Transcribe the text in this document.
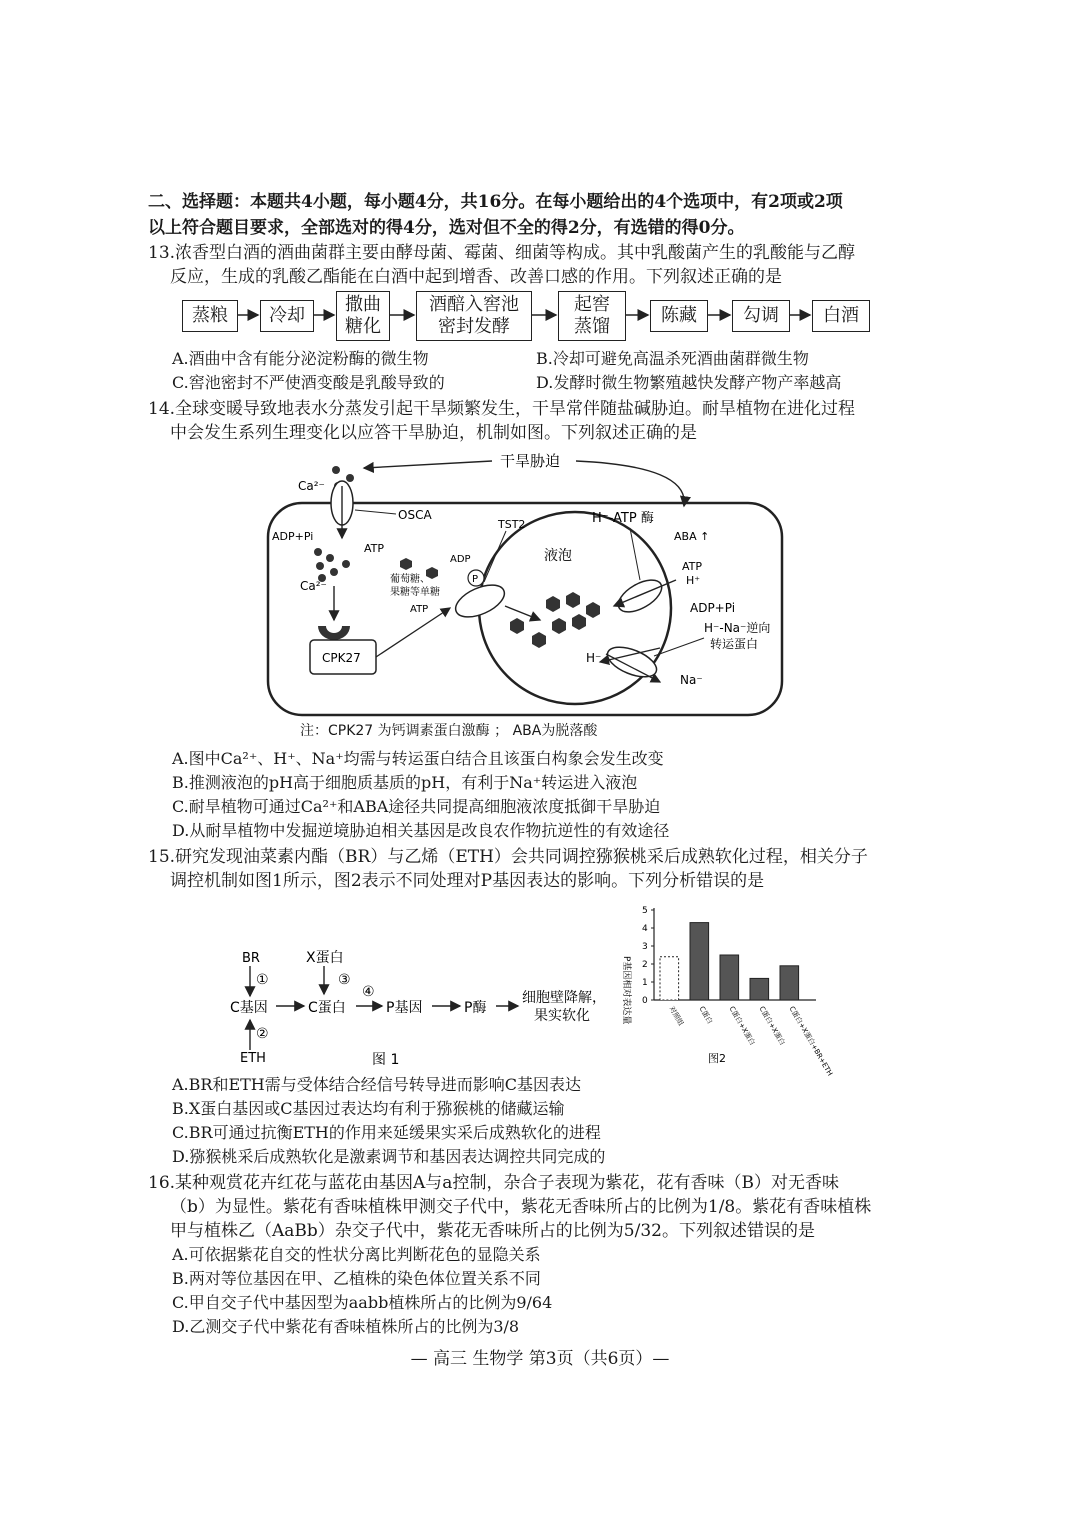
二、选择题：本题共4小题，每小题4分，共16分。在每小题给出的4个选项中，有2项或2项
以上符合题目要求，全部选对的得4分，选对但不全的得2分，有选错的得0分。
13.浓香型白酒的酒曲菌群主要由酵母菌、霉菌、细菌等构成。其中乳酸菌产生的乳酸能与乙醇
反应，生成的乳酸乙酯能在白酒中起到增香、改善口感的作用。下列叙述正确的是
蒸粮	冷却
撒曲
糖化
酒醅入窖池
密封发酵
起窖
蒸馏
陈藏	勾调	白酒
A.酒曲中含有能分泌淀粉酶的微生物	B.冷却可避免高温杀死酒曲菌群微生物
C.窖池密封不严使酒变酸是乳酸导致的	D.发酵时微生物繁殖越快发酵产物产率越高
14.全球变暖导致地表水分蒸发引起干旱频繁发生，干旱常伴随盐碱胁迫。耐旱植物在进化过程
中会发生系列生理变化以应答干旱胁迫，机制如图。下列叙述正确的是
干旱胁迫
Ca²⁻
OSCA
ADP+Pi
ATP
Ca²⁻
CPK27
葡萄糖、
果糖等单糖
TST2
P
ADP
ATP
液泡
H⁻-ATP 酶
ABA ↑
ATP
H⁺
ADP+Pi
H⁻
Na⁻
H⁻-Na⁻逆向
转运蛋白
注：CPK27 为钙调素蛋白激酶 ； ABA为脱落酸
A.图中Ca²⁺、H⁺、Na⁺均需与转运蛋白结合且该蛋白构象会发生改变
B.推测液泡的pH高于细胞质基质的pH，有利于Na⁺转运进入液泡
C.耐旱植物可通过Ca²⁺和ABA途径共同提高细胞液浓度抵御干旱胁迫
D.从耐旱植物中发掘逆境胁迫相关基因是改良农作物抗逆性的有效途径
15.研究发现油菜素内酯（BR）与乙烯（ETH）会共同调控猕猴桃采后成熟软化过程，相关分子
调控机制如图1所示，图2表示不同处理对P基因表达的影响。下列分析错误的是
BR
①
C基因
②
ETH
C蛋白
X蛋白
③
④
P基因	P酶
细胞壁降解，
果实软化
图 1
P基因相对表达量 0
1
2
3
4
5
对照组 C蛋白 C蛋白+X蛋白 C蛋白+X蛋白 C蛋白+X蛋白+BR+ETH
图2
A.BR和ETH需与受体结合经信号转导进而影响C基因表达
B.X蛋白基因或C基因过表达均有利于猕猴桃的储藏运输
C.BR可通过抗衡ETH的作用来延缓果实采后成熟软化的进程
D.猕猴桃采后成熟软化是激素调节和基因表达调控共同完成的
16.某种观赏花卉红花与蓝花由基因A与a控制，杂合子表现为紫花，花有香味（B）对无香味
（b）为显性。紫花有香味植株甲测交子代中，紫花无香味所占的比例为1/8。紫花有香味植株
甲与植株乙（AaBb）杂交子代中，紫花无香味所占的比例为5/32。下列叙述错误的是
A.可依据紫花自交的性状分离比判断花色的显隐关系
B.两对等位基因在甲、乙植株的染色体位置关系不同
C.甲自交子代中基因型为aabb植株所占的比例为9/64
D.乙测交子代中紫花有香味植株所占的比例为3/8
— 高三 生物学 第3页（共6页）—
